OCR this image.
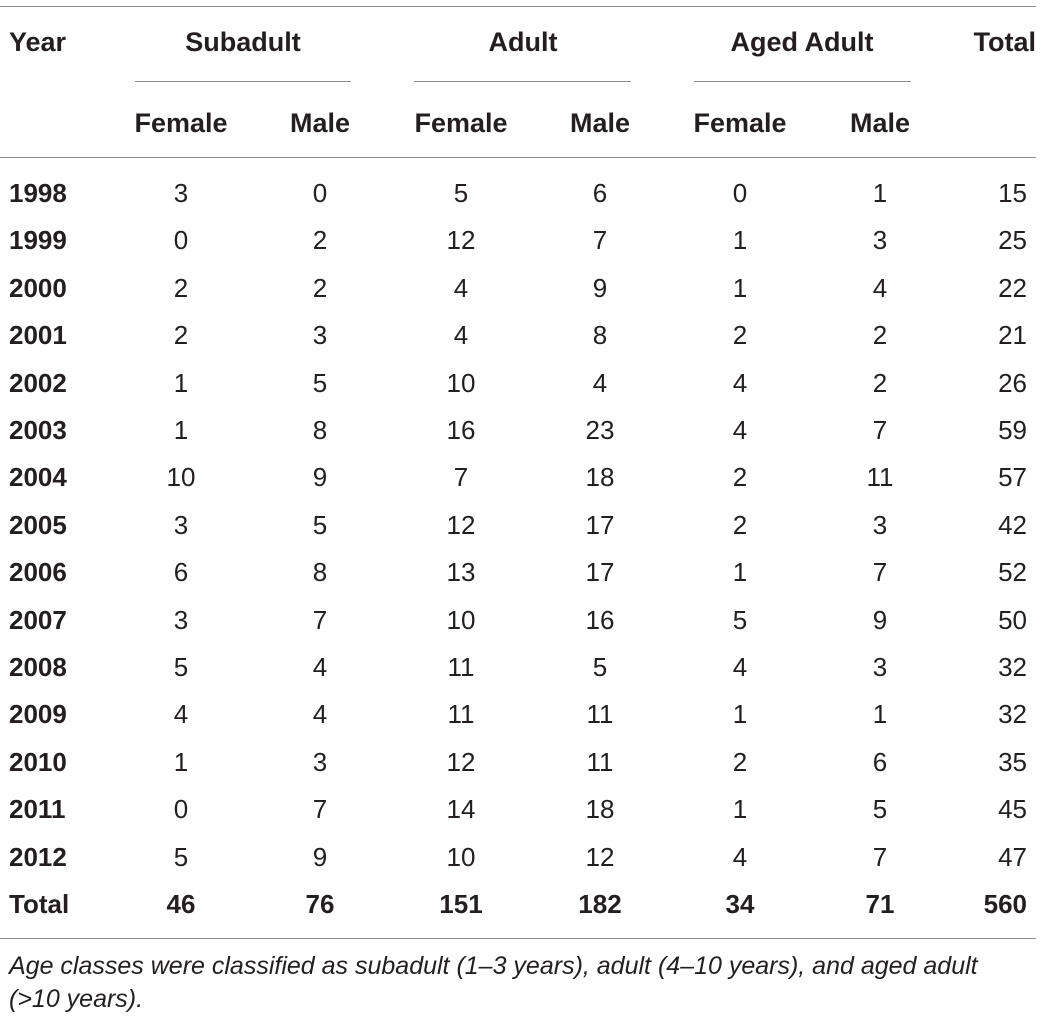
Year	Subadult	Adult	Aged Adult	Total
Female Male Female Male Female Male
1998	3	0	5	6	0	1	15
1999	0	2	12	7	1	3	25
2000	2	2	4	9	1	4	22
2001	2	3	4	8	2	2	21
2002	1	5	10	4	4	2	26
2003	1	8	16	23	4	7	59
2004	10	9	7	18	2	11	57
2005	3	5	12	17	2	3	42
2006	6	8	13	17	1	7	52
2007	3	7	10	16	5	9	50
2008	5	4	11	5	4	3	32
2009	4	4	11	11	1	1	32
2010	1	3	12	11	2	6	35
2011	0	7	14	18	1	5	45
2012	5	9	10	12	4	7	47
Total	46	76	151	182	34	71	560
Age classes were classified as subadult (1–3 years), adult (4–10 years), and aged adult (>10 years).
